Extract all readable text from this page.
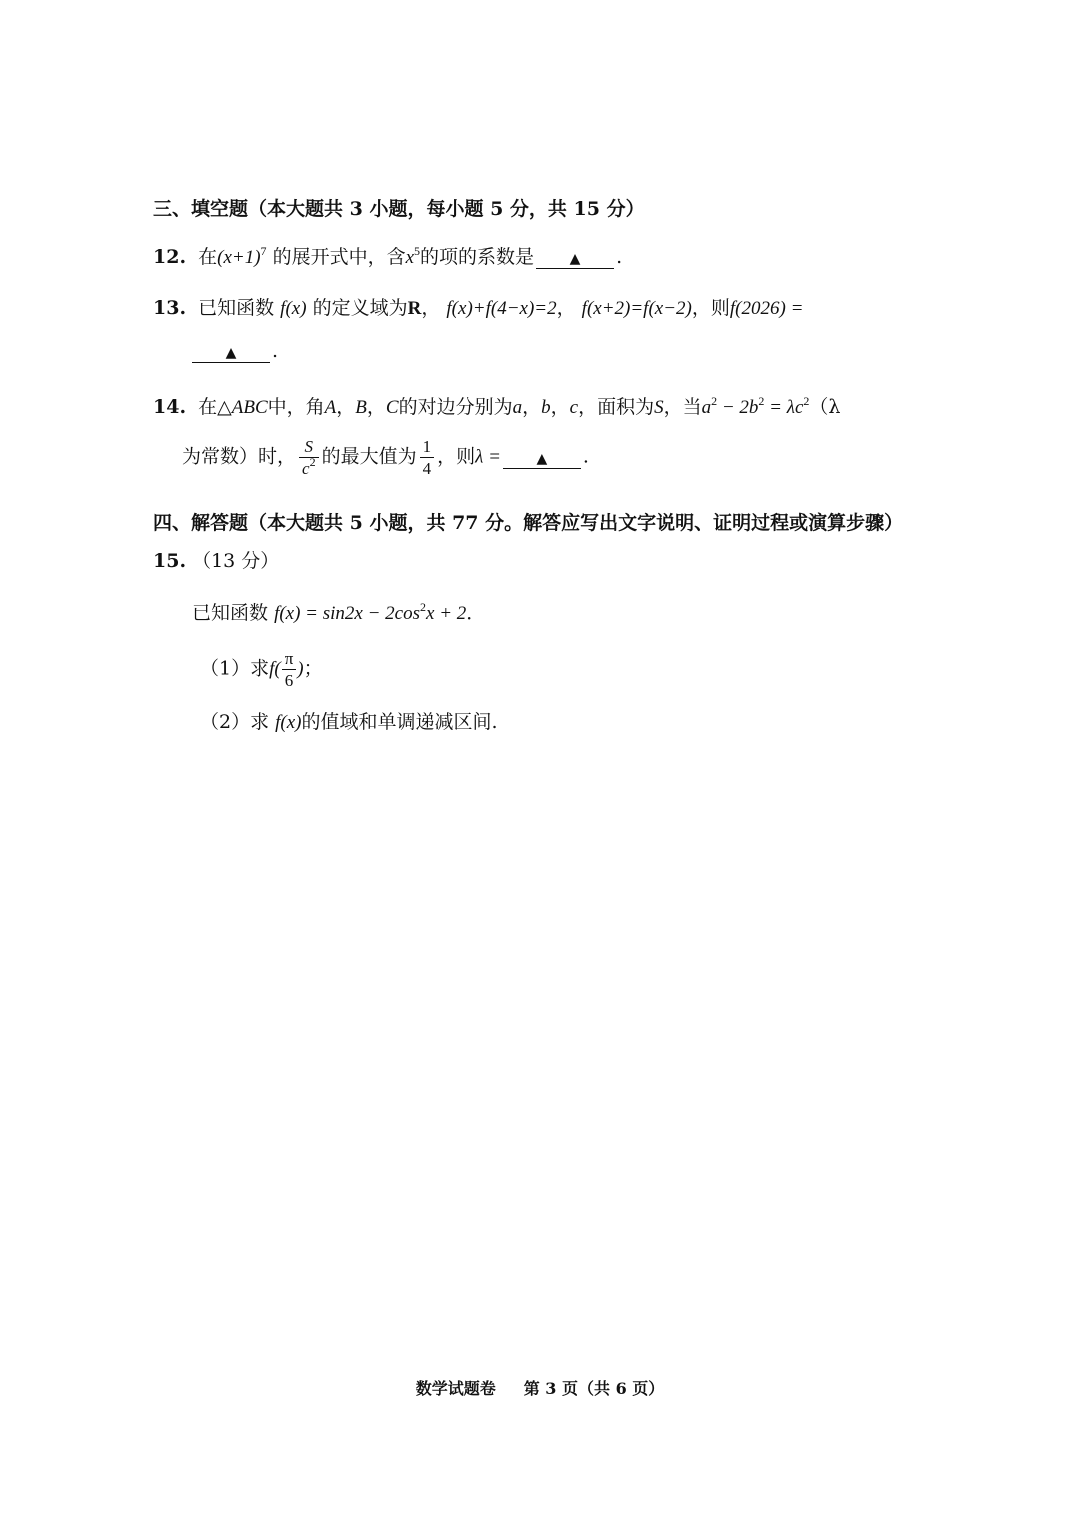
三、填空题（本大题共 3 小题，每小题 5 分，共 15 分）
12. 在$(x+1)^7$ 的展开式中，含$x^5$的项的系数是	▲ .
13. 已知函数 f(x) 的定义域为R， f(x)+f(4−x)=2， f(x+2)=f(x−2)，则f(2026) =
▲ .
14. 在△ABC中，角A，B，C的对边分别为a，b，c，面积为S，当$a^2 - 2b^2 = \lambda c^2(\lambda$
为常数）时， $\frac{S}{c^2}$ 的最大值为 $\frac{1}{4}$ ，则λ =	▲ .
四、解答题（本大题共 5 小题，共 77 分。解答应写出文字说明、证明过程或演算步骤）
15. （13 分）
已知函数 $f(x) = \sin 2x - 2\cos^2x + 2$．
（1）求$f( \frac{\pi}{6}$ )；
（2）求 f(x)的值域和单调递减区间.
数学试题卷 第 3 页（共 6 页）
